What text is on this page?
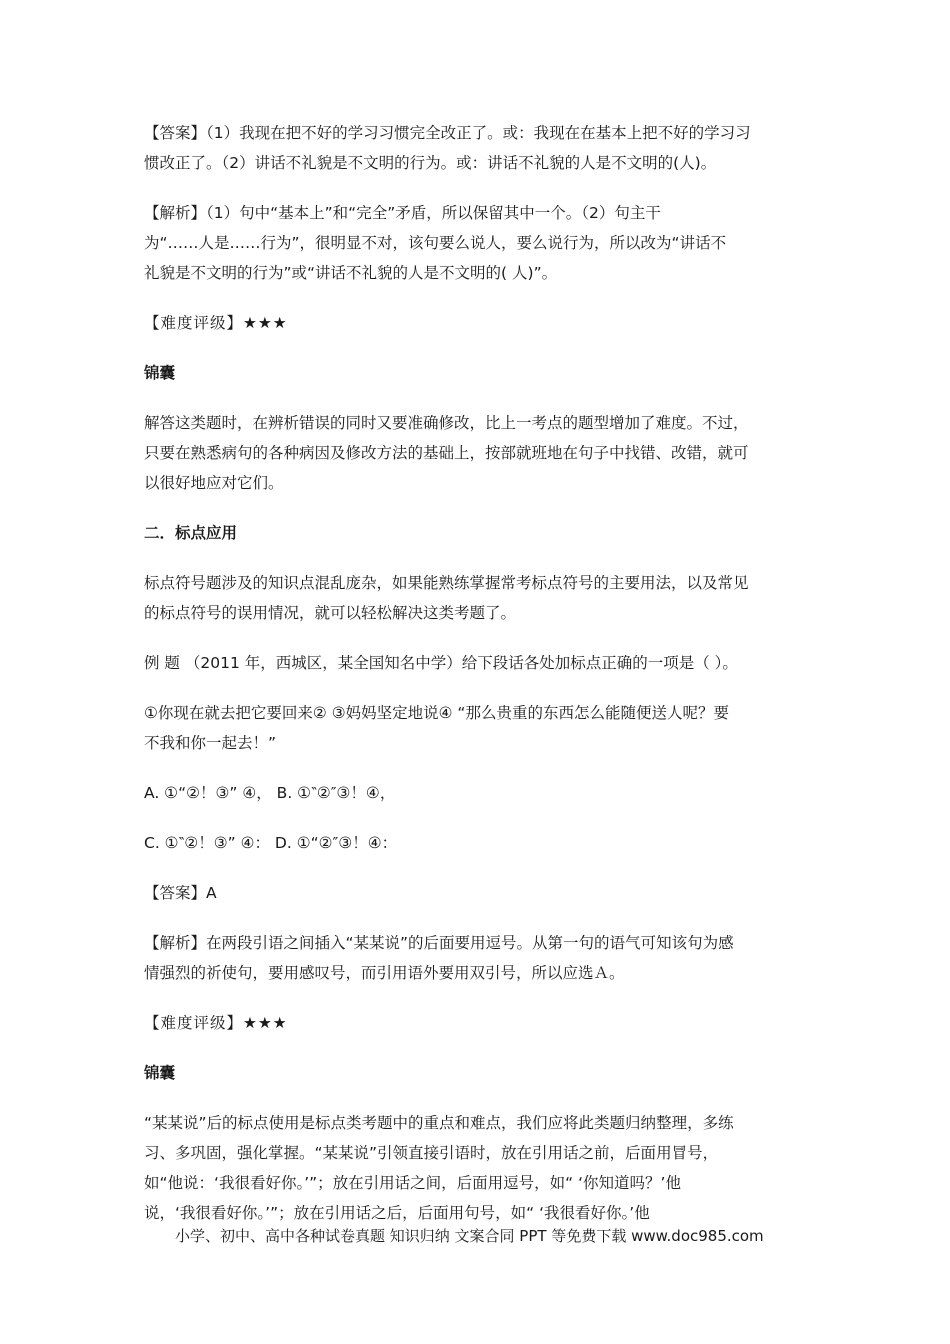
【答案】（1）我现在把不好的学习习惯完全改正了。或：我现在在基本上把不好的学习习
惯改正了。（2）讲话不礼貌是不文明的行为。或：讲话不礼貌的人是不文明的(人)。
【解析】（1）句中“基本上”和“完全”矛盾，所以保留其中一个。（2）句主干
为“……人是……行为”，很明显不对，该句要么说人，要么说行为，所以改为“讲话不
礼貌是不文明的行为”或“讲话不礼貌的人是不文明的( 人)”。
【难度评级】★★★
锦囊
解答这类题时，在辨析错误的同时又要准确修改，比上一考点的题型增加了难度。不过，
只要在熟悉病句的各种病因及修改方法的基础上，按部就班地在句子中找错、改错，就可
以很好地应对它们。
二．标点应用
标点符号题涉及的知识点混乱庞杂，如果能熟练掌握常考标点符号的主要用法，以及常见
的标点符号的误用情况，就可以轻松解决这类考题了。
例 题 （2011 年，西城区，某全国知名中学）给下段话各处加标点正确的一项是（ ）。
①你现在就去把它要回来② ③妈妈坚定地说④ “那么贵重的东西怎么能随便送人呢？要
不我和你一起去！”
A. ①“②！③” ④， B. ①‶②″③！④，
C. ①‶②！③” ④： D. ①“②″③！④：
【答案】A
【解析】在两段引语之间插入“某某说”的后面要用逗号。从第一句的语气可知该句为感
情强烈的祈使句，要用感叹号，而引用语外要用双引号，所以应选Ａ。
【难度评级】★★★
锦囊
“某某说”后的标点使用是标点类考题中的重点和难点，我们应将此类题归纳整理，多练
习、多巩固，强化掌握。“某某说”引领直接引语时，放在引用话之前，后面用冒号，
如“他说：‘我很看好你。’”；放在引用话之间，后面用逗号，如“ ‘你知道吗？’他
说，‘我很看好你。’”；放在引用话之后，后面用句号，如“ ‘我很看好你。’他
小学、初中、高中各种试卷真题 知识归纳 文案合同 PPT 等免费下载 www.doc985.com
